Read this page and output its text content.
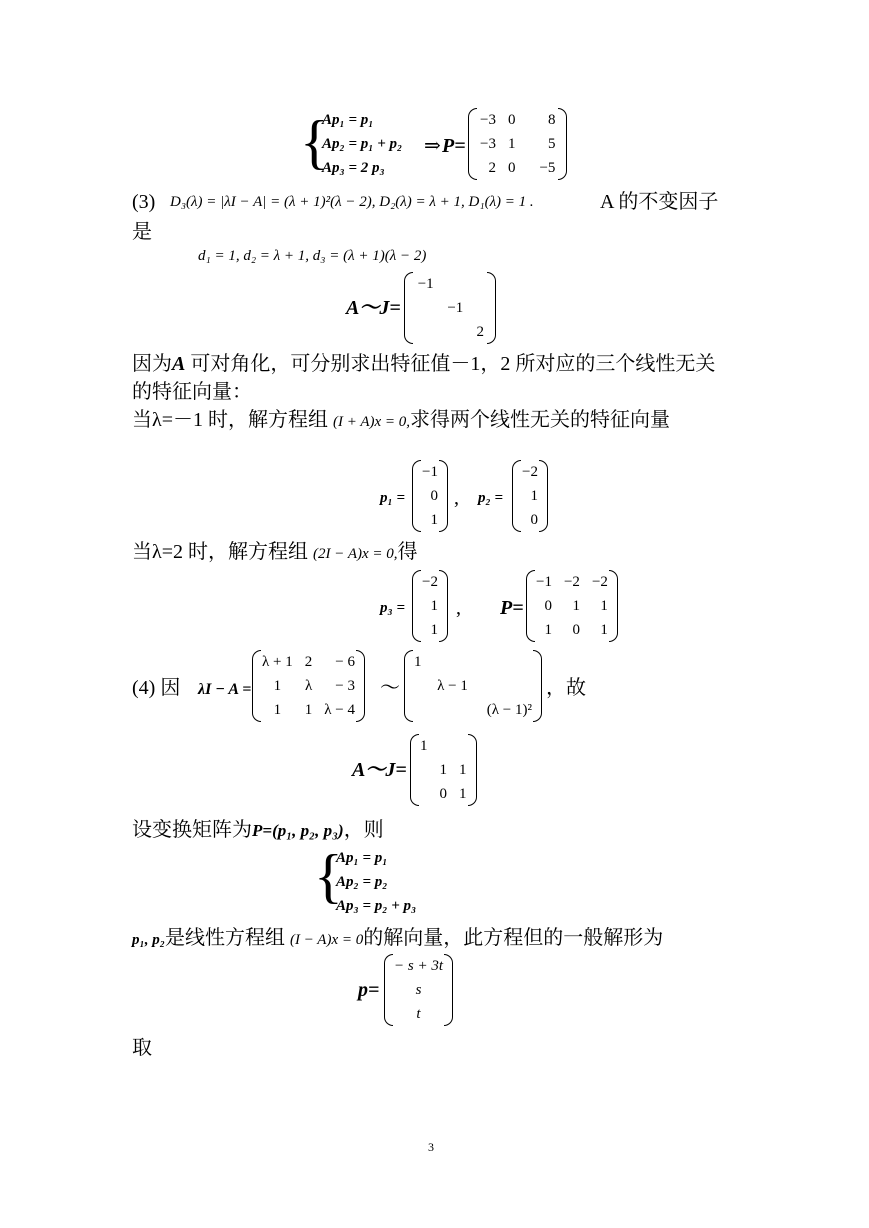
{
Ap₁ = p₁
Ap₂ = p₁ + p₂
Ap₃ = 2 p₃
⇒ P=
−3	0	8
−3	1	5
2	0	−5
(3) D₃(λ) = |λI − A| = (λ + 1)²(λ − 2), D₂(λ) = λ + 1, D₁(λ) = 1 .	A 的不变因子
是
d₁ = 1, d₂ = λ + 1, d₃ = (λ + 1)(λ − 2)
A～J=
−1		
	−1	
		2
因为A 可对角化，可分别求出特征值－1，2 所对应的三个线性无关
的特征向量：
当λ=－1 时，解方程组 (I + A)x = 0,求得两个线性无关的特征向量
p₁ =
−1
0
1
, p₂ =
−2
1
0
当λ=2 时，解方程组 (2I − A)x = 0,得
p₃ =
−2
1
1
, P=
−1	−2	−2
0	1	1
1	0	1
(4) 因 λI − A =
λ + 1	2	− 6
1	λ	− 3
1	1	λ − 4
～
1		
	λ − 1	
		(λ − 1)²
，故
A～J=
1		
	1	1
	0	1
设变换矩阵为P=(p₁, p₂, p₃)，则
{
Ap₁ = p₁
Ap₂ = p₂
Ap₃ = p₂ + p₃
p₁, p₂是线性方程组 (I − A)x = 0的解向量，此方程但的一般解形为
p=
− s + 3t
s
t
取
3
